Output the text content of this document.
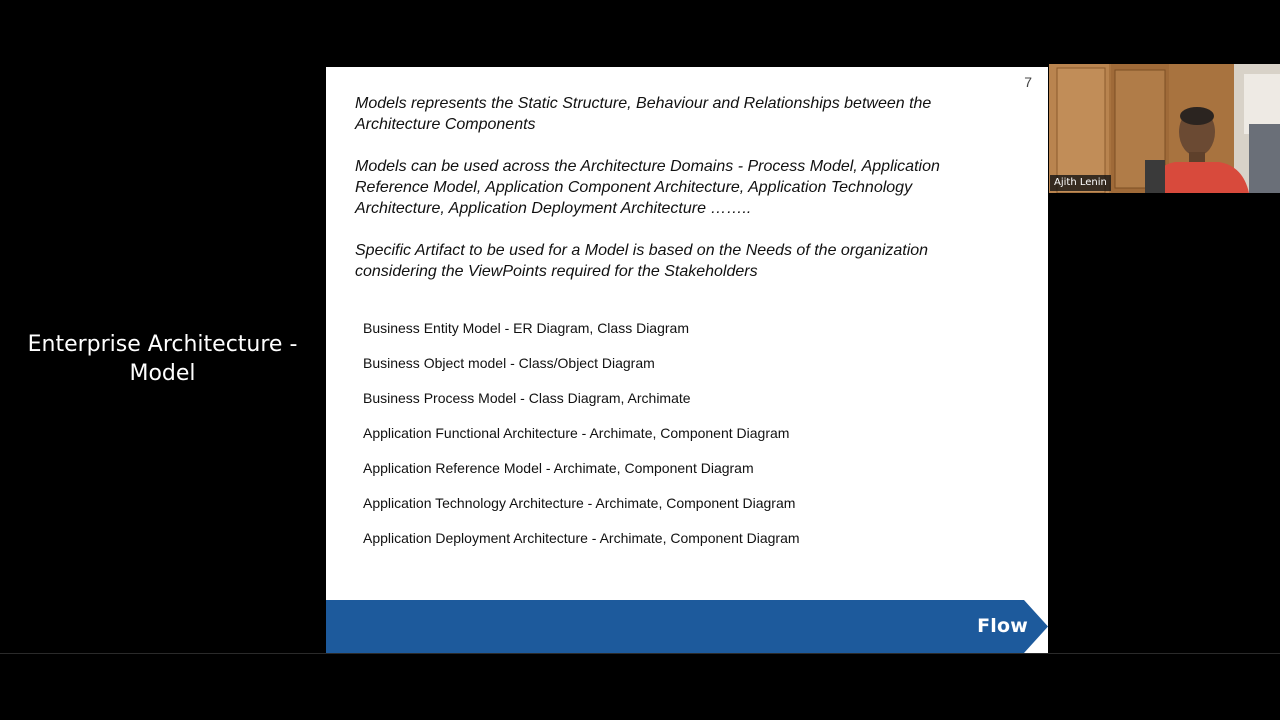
Enterprise Architecture - Model
7

Models represents the Static Structure, Behaviour and Relationships between the Architecture Components

Models can be used across the Architecture Domains - Process Model, Application Reference Model, Application Component Architecture, Application Technology Architecture, Application Deployment Architecture ……..

Specific Artifact to be used for a Model is based on the Needs of the organization considering the ViewPoints required for the Stakeholders

Business Entity Model - ER Diagram, Class Diagram
Business Object model - Class/Object Diagram
Business Process Model - Class Diagram, Archimate
Application Functional Architecture - Archimate, Component Diagram
Application Reference Model - Archimate, Component Diagram
Application Technology Architecture - Archimate, Component Diagram
Application Deployment Architecture - Archimate, Component Diagram
Flow
Ajith Lenin
